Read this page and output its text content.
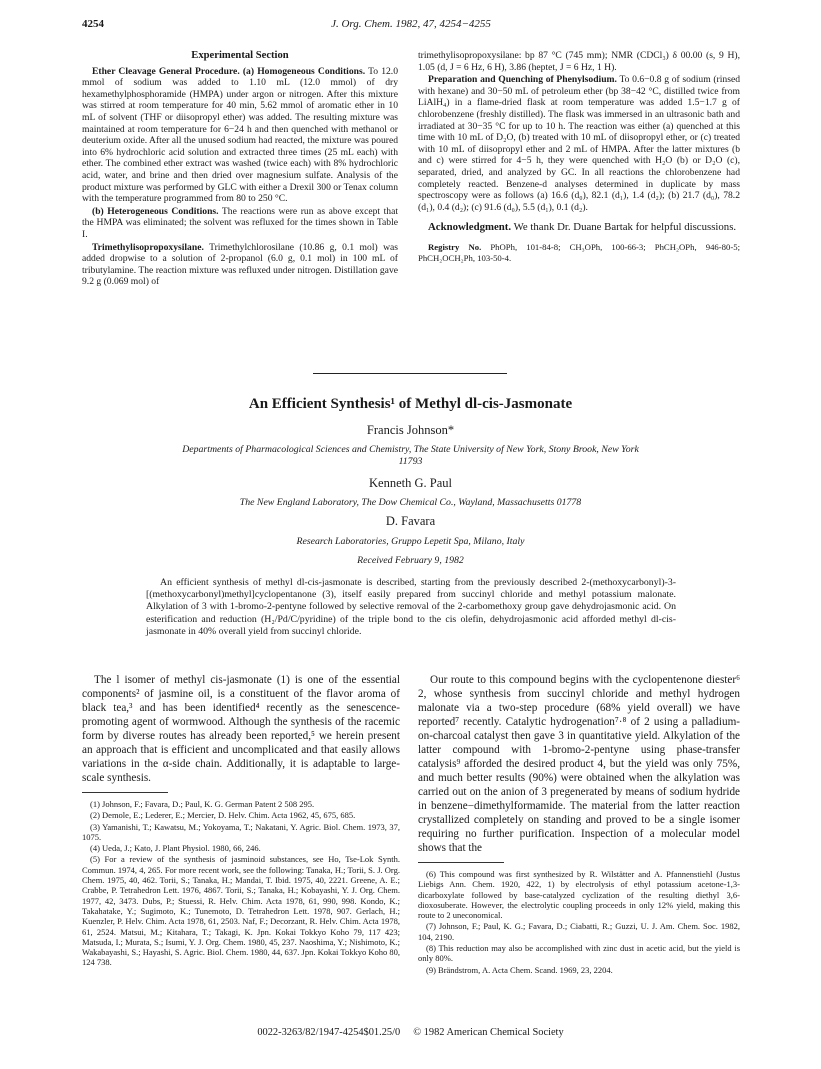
4254	J. Org. Chem. 1982, 47, 4254−4255
Experimental Section

Ether Cleavage General Procedure. (a) Homogeneous Conditions. To 12.0 mmol of sodium was added to 1.10 mL (12.0 mmol) of dry hexamethylphosphoramide (HMPA) under argon or nitrogen. After this mixture was stirred at room temperature for 40 min, 5.62 mmol of aromatic ether in 10 mL of solvent (THF or diisopropyl ether) was added. The resulting mixture was maintained at room temperature for 6−24 h and then quenched with methanol or deuterium oxide. After all the unused sodium had reacted, the mixture was poured into 6% hydrochloric acid solution and extracted three times (25 mL each) with ether. The combined ether extract was washed (twice each) with 8% hydrochloric acid, water, and brine and then dried over magnesium sulfate. Analysis of the product mixture was performed by GLC with either a Drexil 300 or Tenax column with the temperature programmed from 80 to 250 °C.

(b) Heterogeneous Conditions. The reactions were run as above except that the HMPA was eliminated; the solvent was refluxed for the times shown in Table I.

Trimethylisopropoxysilane. Trimethylchlorosilane (10.86 g, 0.1 mol) was added dropwise to a solution of 2-propanol (6.0 g, 0.1 mol) in 100 mL of tributylamine. The reaction mixture was refluxed under nitrogen. Distillation gave 9.2 g (0.069 mol) of

trimethylisopropoxysilane: bp 87 °C (745 mm); NMR (CDCl₃) δ 00.00 (s, 9 H), 1.05 (d, J = 6 Hz, 6 H), 3.86 (heptet, J = 6 Hz, 1 H).

Preparation and Quenching of Phenylsodium. To 0.6−0.8 g of sodium (rinsed with hexane) and 30−50 mL of petroleum ether (bp 38−42 °C, distilled twice from LiAlH₄) in a flame-dried flask at room temperature was added 1.5−1.7 g of chlorobenzene (freshly distilled). The flask was immersed in an ultrasonic bath and irradiated at 30−35 °C for up to 10 h. The reaction was either (a) quenched at this time with 10 mL of D₂O, (b) treated with 10 mL of diisopropyl ether, or (c) treated with 10 mL of diisopropyl ether and 2 mL of HMPA. After the latter mixtures (b and c) were stirred for 4−5 h, they were quenched with H₂O (b) or D₂O (c), separated, dried, and analyzed by GC. In all reactions the chlorobenzene had completely reacted. Benzene-d analyses determined in duplicate by mass spectroscopy were as follows (a) 16.6 (d₀), 82.1 (d₁), 1.4 (d₂); (b) 21.7 (d₀), 78.2 (d₁), 0.4 (d₂); (c) 91.6 (d₀), 5.5 (d₁), 0.1 (d₂).

Acknowledgment. We thank Dr. Duane Bartak for helpful discussions.

Registry No. PhOPh, 101-84-8; CH₃OPh, 100-66-3; PhCH₂OPh, 946-80-5; PhCH₂OCH₂Ph, 103-50-4.

An Efficient Synthesis¹ of Methyl dl-cis-Jasmonate
Francis Johnson*
Departments of Pharmacological Sciences and Chemistry, The State University of New York, Stony Brook, New York 11793
Kenneth G. Paul
The New England Laboratory, The Dow Chemical Co., Wayland, Massachusetts 01778
D. Favara
Research Laboratories, Gruppo Lepetit Spa, Milano, Italy
Received February 9, 1982
An efficient synthesis of methyl dl-cis-jasmonate is described, starting from the previously described 2-(methoxycarbonyl)-3-[(methoxycarbonyl)methyl]cyclopentanone (3), itself easily prepared from succinyl chloride and methyl potassium malonate. Alkylation of 3 with 1-bromo-2-pentyne followed by selective removal of the 2-carbomethoxy group gave dehydrojasmonic acid. On esterification and reduction (H₂/Pd/C/pyridine) of the triple bond to the cis olefin, dehydrojasmonic acid afforded methyl dl-cis-jasmonate in 40% overall yield from succinyl chloride.

The l isomer of methyl cis-jasmonate (1) is one of the essential components² of jasmine oil, is a constituent of the flavor aroma of black tea,³ and has been identified⁴ recently as the senescence-promoting agent of wormwood. Although the synthesis of the racemic form by diverse routes has already been reported,⁵ we herein present an approach that is efficient and uncomplicated and that easily allows variations in the α-side chain. Additionally, it is adaptable to large-scale synthesis.

(1) Johnson, F.; Favara, D.; Paul, K. G. German Patent 2 508 295.

(2) Demole, E.; Lederer, E.; Mercier, D. Helv. Chim. Acta 1962, 45, 675, 685.

(3) Yamanishi, T.; Kawatsu, M.; Yokoyama, T.; Nakatani, Y. Agric. Biol. Chem. 1973, 37, 1075.

(4) Ueda, J.; Kato, J. Plant Physiol. 1980, 66, 246.

(5) For a review of the synthesis of jasminoid substances, see Ho, Tse-Lok Synth. Commun. 1974, 4, 265. For more recent work, see the following: Tanaka, H.; Torii, S. J. Org. Chem. 1975, 40, 462. Torii, S.; Tanaka, H.; Mandai, T. Ibid. 1975, 40, 2221. Greene, A. E.; Crabbe, P. Tetrahedron Lett. 1976, 4867. Torii, S.; Tanaka, H.; Kobayashi, Y. J. Org. Chem. 1977, 42, 3473. Dubs, P.; Stuessi, R. Helv. Chim. Acta 1978, 61, 990, 998. Kondo, K.; Takahatake, Y.; Sugimoto, K.; Tunemoto, D. Tetrahedron Lett. 1978, 907. Gerlach, H.; Kuenzler, P. Helv. Chim. Acta 1978, 61, 2503. Naf, F.; Decorzant, R. Helv. Chim. Acta 1978, 61, 2524. Matsui, M.; Kitahara, T.; Takagi, K. Jpn. Kokai Tokkyo Koho 79, 117 423; Matsuda, I.; Murata, S.; Isumi, Y. J. Org. Chem. 1980, 45, 237. Naoshima, Y.; Nishimoto, K.; Wakabayashi, S.; Hayashi, S. Agric. Biol. Chem. 1980, 44, 637. Jpn. Kokai Tokkyo Koho 80, 124 738.

Our route to this compound begins with the cyclopentenone diester⁶ 2, whose synthesis from succinyl chloride and methyl hydrogen malonate via a two-step procedure (68% yield overall) we have reported⁷ recently. Catalytic hydrogenation⁷·⁸ of 2 using a palladium-on-charcoal catalyst then gave 3 in quantitative yield. Alkylation of the latter compound with 1-bromo-2-pentyne using phase-transfer catalysis⁹ afforded the desired product 4, but the yield was only 75%, and much better results (90%) were obtained when the alkylation was carried out on the anion of 3 pregenerated by means of sodium hydride in benzene−dimethylformamide. The material from the latter reaction crystallized completely on standing and proved to be a single isomer requiring no further purification. Inspection of a molecular model shows that the

(6) This compound was first synthesized by R. Wilstätter and A. Pfannenstiehl (Justus Liebigs Ann. Chem. 1920, 422, 1) by electrolysis of ethyl potassium acetone-1,3-dicarboxylate followed by base-catalyzed cyclization of the resulting diethyl 3,6-dioxosuberate. However, the electrolytic coupling proceeds in only 12% yield, making this route to 2 uneconomical.

(7) Johnson, F.; Paul, K. G.; Favara, D.; Ciabatti, R.; Guzzi, U. J. Am. Chem. Soc. 1982, 104, 2190.

(8) This reduction may also be accomplished with zinc dust in acetic acid, but the yield is only 80%.

(9) Brändstrom, A. Acta Chem. Scand. 1969, 23, 2204.

0022-3263/82/1947-4254$01.25/0 © 1982 American Chemical Society
